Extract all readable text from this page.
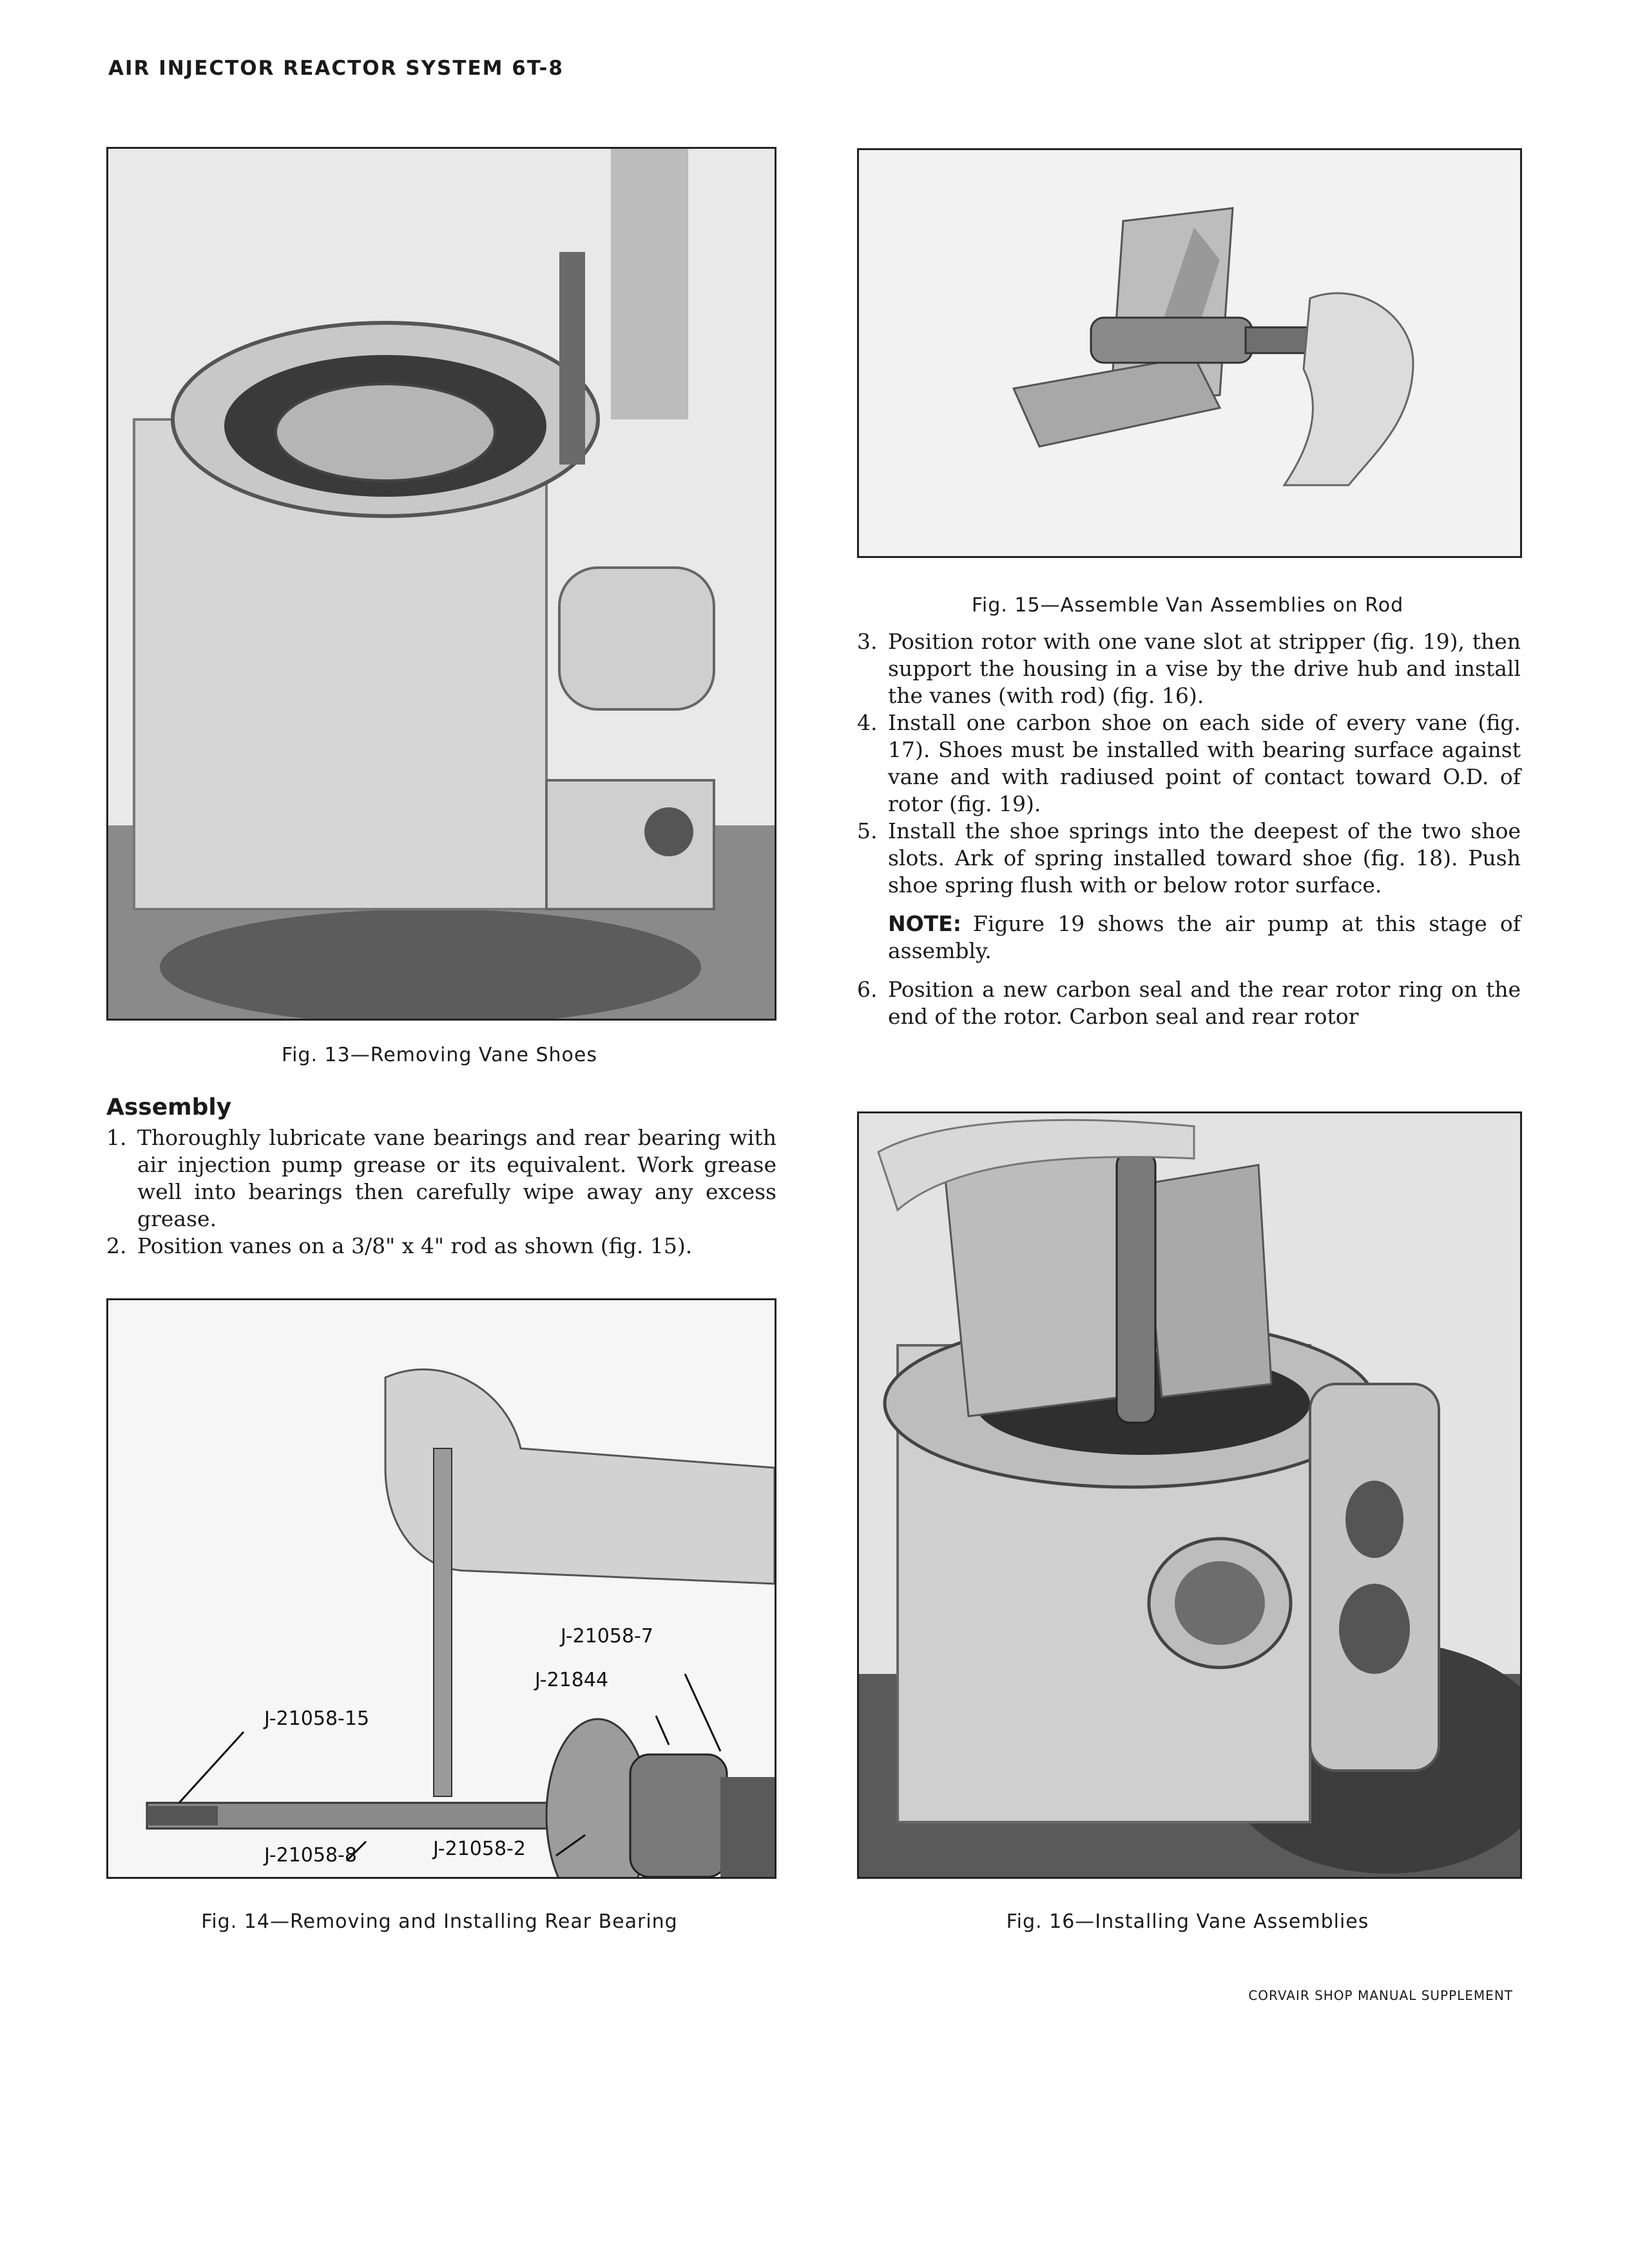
AIR INJECTOR REACTOR SYSTEM 6T-8
Fig. 13—Removing Vane Shoes
Assembly
1. Thoroughly lubricate vane bearings and rear bearing with air injection pump grease or its equivalent. Work grease well into bearings then carefully wipe away any excess grease.
2. Position vanes on a 3/8" x 4" rod as shown (fig. 15).
J-21058-7
J-21844
J-21058-15
J-21058-8	J-21058-2
Fig. 14—Removing and Installing Rear Bearing
Fig. 15—Assemble Van Assemblies on Rod
3. Position rotor with one vane slot at stripper (fig. 19), then support the housing in a vise by the drive hub and install the vanes (with rod) (fig. 16).
4. Install one carbon shoe on each side of every vane (fig. 17). Shoes must be installed with bearing surface against vane and with radiused point of contact toward O.D. of rotor (fig. 19).
5. Install the shoe springs into the deepest of the two shoe slots. Ark of spring installed toward shoe (fig. 18). Push shoe spring flush with or below rotor surface.
NOTE: Figure 19 shows the air pump at this stage of assembly.
6. Position a new carbon seal and the rear rotor ring on the end of the rotor. Carbon seal and rear rotor
Fig. 16—Installing Vane Assemblies
CORVAIR SHOP MANUAL SUPPLEMENT
